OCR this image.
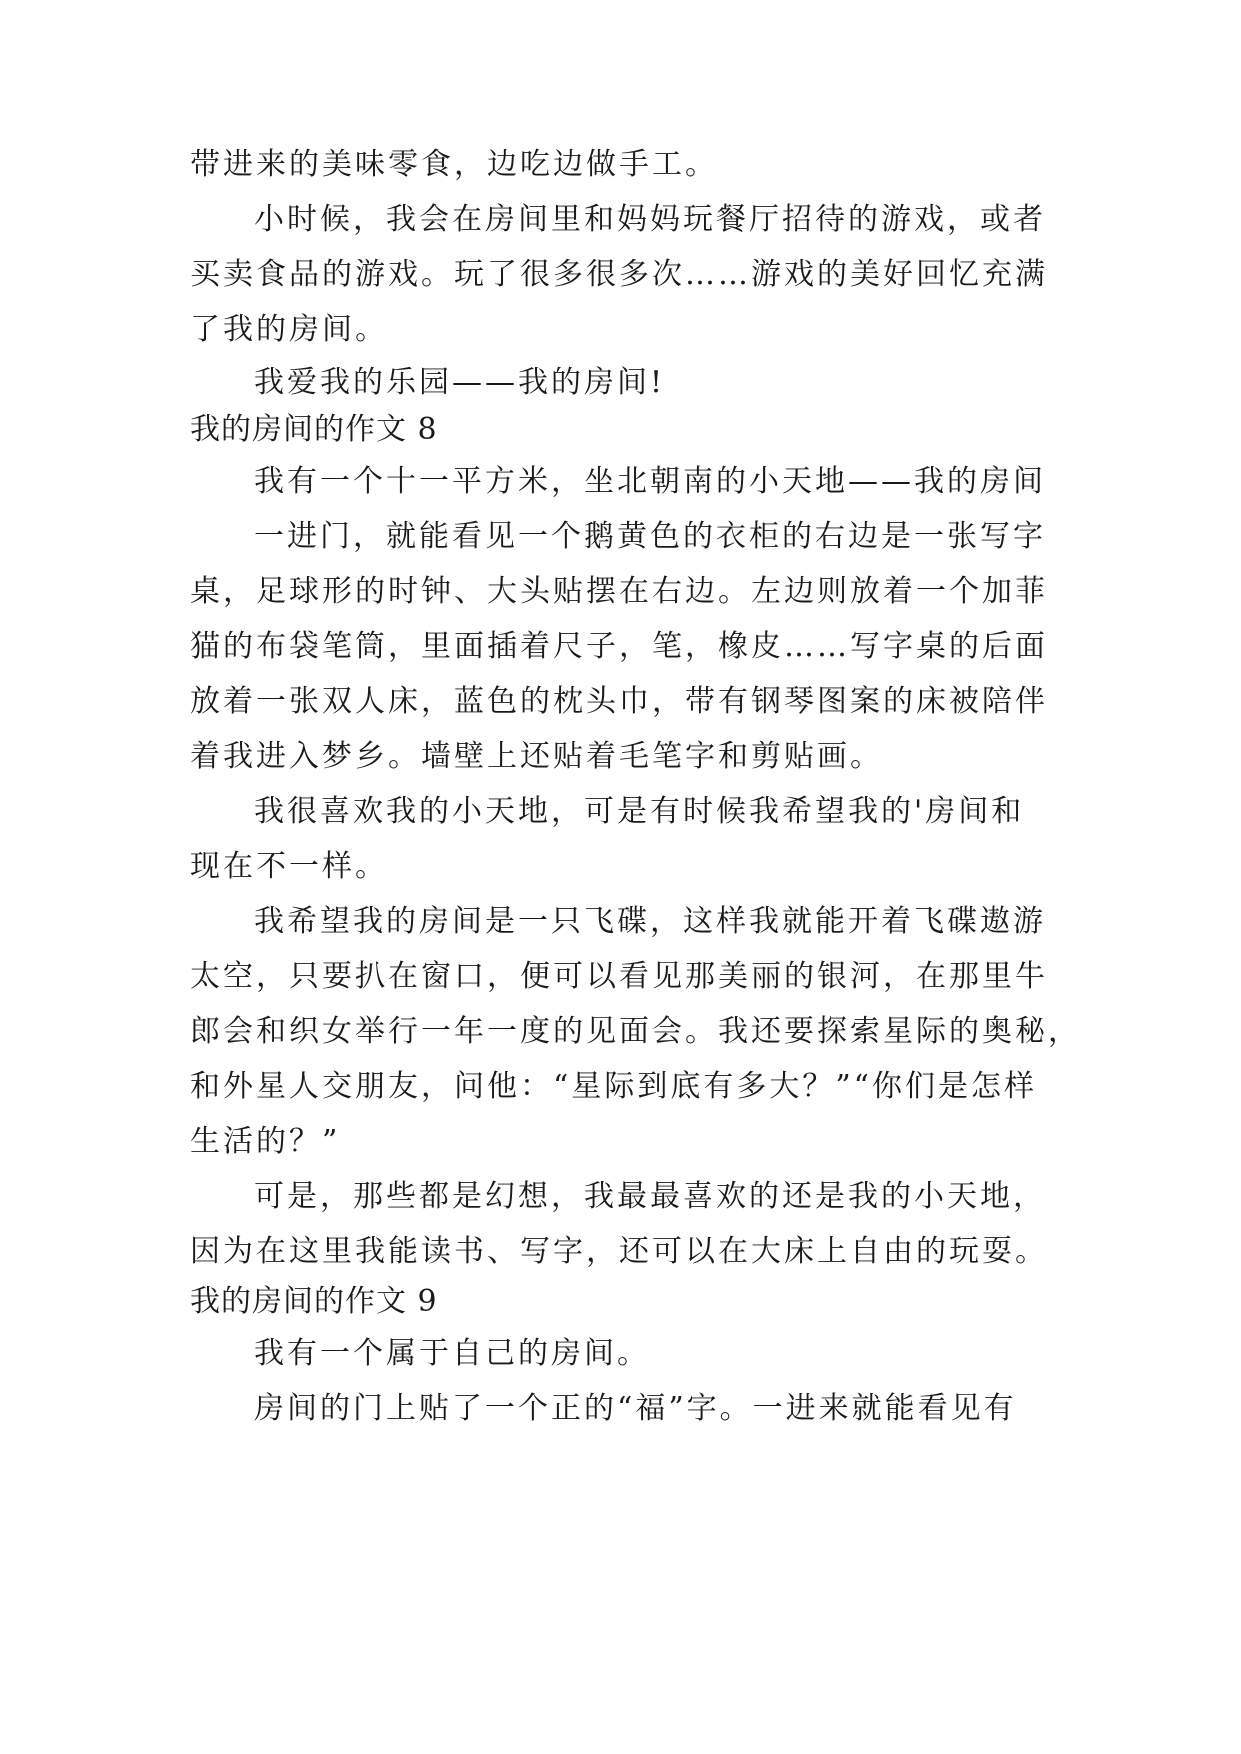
带进来的美味零食，边吃边做手工。
小时候，我会在房间里和妈妈玩餐厅招待的游戏，或者
买卖食品的游戏。玩了很多很多次……游戏的美好回忆充满
了我的房间。
我爱我的乐园——我的房间!
我的房间的作文 8
我有一个十一平方米，坐北朝南的小天地——我的房间
一进门，就能看见一个鹅黄色的衣柜的右边是一张写字
桌，足球形的时钟、大头贴摆在右边。左边则放着一个加菲
猫的布袋笔筒，里面插着尺子，笔，橡皮……写字桌的后面
放着一张双人床，蓝色的枕头巾，带有钢琴图案的床被陪伴
着我进入梦乡。墙壁上还贴着毛笔字和剪贴画。
我很喜欢我的小天地，可是有时候我希望我的'房间和
现在不一样。
我希望我的房间是一只飞碟，这样我就能开着飞碟遨游
太空，只要扒在窗口，便可以看见那美丽的银河，在那里牛
郎会和织女举行一年一度的见面会。我还要探索星际的奥秘，
和外星人交朋友，问他：“星际到底有多大？”“你们是怎样
生活的？”
可是，那些都是幻想，我最最喜欢的还是我的小天地，
因为在这里我能读书、写字，还可以在大床上自由的玩耍。
我的房间的作文 9
我有一个属于自己的房间。
房间的门上贴了一个正的“福”字。一进来就能看见有
